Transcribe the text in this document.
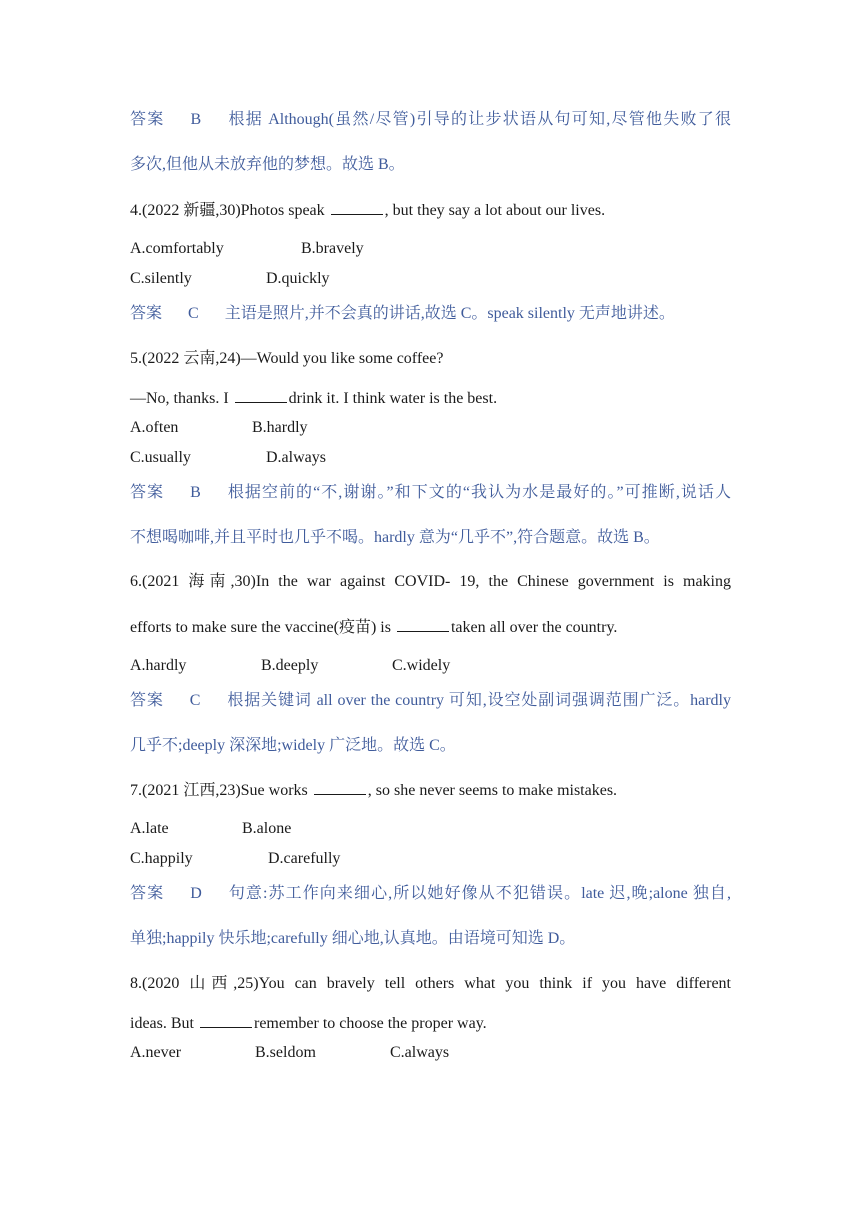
答案 B 根据 Although(虽然/尽管)引导的让步状语从句可知,尽管他失败了很
多次,但他从未放弃他的梦想。故选 B。
4.(2022 新疆,30)Photos speak	, but they say a lot about our lives.
A.comfortably	B.bravely
C.silently	D.quickly
答案 C 主语是照片,并不会真的讲话,故选 C。speak silently 无声地讲述。
5.(2022 云南,24)—Would you like some coffee?
—No, thanks. I	drink it. I think water is the best.
A.often	B.hardly
C.usually	D.always
答案 B 根据空前的“不,谢谢。”和下文的“我认为水是最好的。”可推断,说话人
不想喝咖啡,并且平时也几乎不喝。hardly 意为“几乎不”,符合题意。故选 B。
6.(2021 海南,30)In the war against COVID- 19, the Chinese government is making
efforts to make sure the vaccine(疫苗) is	taken all over the country.
A.hardly	B.deeply	C.widely
答案 C 根据关键词 all over the country 可知,设空处副词强调范围广泛。hardly
几乎不;deeply 深深地;widely 广泛地。故选 C。
7.(2021 江西,23)Sue works	, so she never seems to make mistakes.
A.late	B.alone
C.happily	D.carefully
答案 D 句意:苏工作向来细心,所以她好像从不犯错误。late 迟,晚;alone 独自,
单独;happily 快乐地;carefully 细心地,认真地。由语境可知选 D。
8.(2020 山西,25)You can bravely tell others what you think if you have different
ideas. But	remember to choose the proper way.
A.never	B.seldom	C.always
